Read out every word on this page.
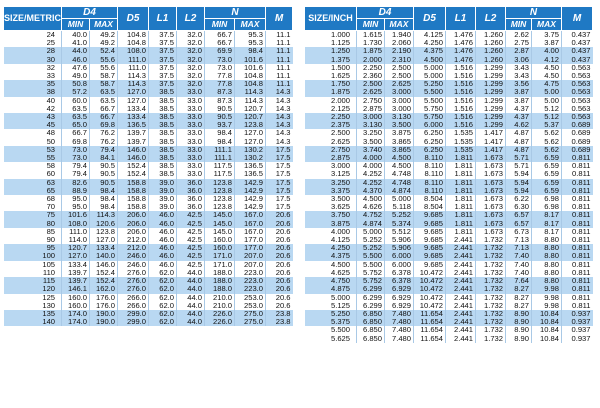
SIZE/METRIC	D4		D5	L1	L2	N		M
	MIN	MAX				MIN	MAX	
24	40.0	49.2	104.8	37.5	32.0	66.7	95.3	11.1
25	41.0	49.2	104.8	37.5	32.0	66.7	95.3	11.1
28	44.0	52.4	108.0	37.5	32.0	69.9	98.4	11.1
30	46.0	55.6	111.0	37.5	32.0	73.0	101.6	11.1
32	47.6	55.6	111.0	37.5	32.0	73.0	101.6	11.1
33	49.0	58.7	114.3	37.5	32.0	77.8	104.8	11.1
35	50.8	58.7	114.3	37.5	32.0	77.8	104.8	11.1
38	57.2	63.5	127.0	38.5	33.0	87.3	114.3	14.3
40	60.0	63.5	127.0	38.5	33.0	87.3	114.3	14.3
42	63.5	66.7	133.4	38.5	33.0	90.5	120.7	14.3
43	63.5	66.7	133.4	38.5	33.0	90.5	120.7	14.3
45	65.0	69.8	136.5	38.5	33.0	93.7	123.8	14.3
48	66.7	76.2	139.7	38.5	33.0	98.4	127.0	14.3
50	69.8	76.2	139.7	38.5	33.0	98.4	127.0	14.3
53	73.0	79.4	146.0	38.5	33.0	111.1	130.2	17.5
55	73.0	84.1	146.0	38.5	33.0	111.1	130.2	17.5
58	79.4	90.5	152.4	38.5	33.0	117.5	136.5	17.5
60	79.4	90.5	152.4	38.5	33.0	117.5	136.5	17.5
63	82.6	90.5	158.8	39.0	36.0	123.8	142.9	17.5
65	88.9	98.4	158.8	39.0	36.0	123.8	142.9	17.5
68	95.0	98.4	158.8	39.0	36.0	123.8	142.9	17.5
70	95.0	98.4	158.8	39.0	36.0	123.8	142.9	17.5
75	101.6	114.3	206.0	46.0	42.5	145.0	167.0	20.6
80	108.0	120.6	206.0	46.0	42.5	145.0	167.0	20.6
85	111.0	123.8	206.0	46.0	42.5	145.0	167.0	20.6
90	114.0	127.0	212.0	46.0	42.5	160.0	177.0	20.6
95	120.7	133.4	212.0	46.0	42.5	160.0	177.0	20.6
100	127.0	140.0	246.0	46.0	42.5	171.0	207.0	20.6
105	133.4	146.0	246.0	46.0	42.5	171.0	207.0	20.6
110	139.7	152.4	276.0	62.0	44.0	188.0	223.0	20.6
115	139.7	152.4	276.0	62.0	44.0	188.0	223.0	20.6
120	146.1	162.0	276.0	62.0	44.0	188.0	223.0	20.6
125	160.0	176.0	266.0	62.0	44.0	210.0	253.0	20.6
130	160.0	176.0	266.0	62.0	44.0	210.0	253.0	20.6
135	174.0	190.0	299.0	62.0	44.0	226.0	275.0	23.8
140	174.0	190.0	299.0	62.0	44.0	226.0	275.0	23.8
SIZE/INCH	D4		D5	L1	L2	N		M
	MIN	MAX				MIN	MAX	
1.000	1.615	1.940	4.125	1.476	1.260	2.62	3.75	0.437
1.125	1.730	2.060	4.250	1.476	1.260	2.75	3.87	0.437
1.250	1.875	2.190	4.375	1.476	1.260	2.87	4.00	0.437
1.375	2.000	2.310	4.500	1.476	1.260	3.06	4.12	0.437
1.500	2.250	2.500	5.000	1.516	1.299	3.43	4.50	0.563
1.625	2.360	2.500	5.000	1.516	1.299	3.43	4.50	0.563
1.750	2.500	2.625	5.250	1.516	1.299	3.56	4.75	0.563
1.875	2.625	3.000	5.500	1.516	1.299	3.87	5.00	0.563
2.000	2.750	3.000	5.500	1.516	1.299	3.87	5.00	0.563
2.125	2.875	3.000	5.750	1.516	1.299	4.37	5.12	0.563
2.250	3.000	3.130	5.750	1.516	1.299	4.37	5.12	0.563
2.375	3.130	3.500	6.000	1.516	1.299	4.62	5.37	0.689
2.500	3.250	3.875	6.250	1.535	1.417	4.87	5.62	0.689
2.625	3.500	3.865	6.250	1.535	1.417	4.87	5.62	0.689
2.750	3.740	3.865	6.250	1.535	1.417	4.87	5.62	0.689
2.875	4.000	4.500	8.110	1.811	1.673	5.71	6.59	0.811
3.000	4.000	4.500	8.110	1.811	1.673	5.71	6.59	0.811
3.125	4.252	4.748	8.110	1.811	1.673	5.94	6.59	0.811
3.250	4.252	4.748	8.110	1.811	1.673	5.94	6.59	0.811
3.375	4.370	4.874	8.110	1.811	1.673	5.94	6.59	0.811
3.500	4.500	5.000	8.504	1.811	1.673	6.22	6.98	0.811
3.625	4.626	5.118	8.504	1.811	1.673	6.30	6.98	0.811
3.750	4.752	5.252	9.685	1.811	1.673	6.57	8.17	0.811
3.875	4.874	5.374	9.685	1.811	1.673	6.57	8.17	0.811
4.000	5.000	5.512	9.685	1.811	1.673	6.73	8.17	0.811
4.125	5.252	5.906	9.685	2.441	1.732	7.13	8.80	0.811
4.250	5.252	5.906	9.685	2.441	1.732	7.13	8.80	0.811
4.375	5.500	6.000	9.685	2.441	1.732	7.40	8.80	0.811
4.500	5.500	6.000	9.685	2.441	1.732	7.40	8.80	0.811
4.625	5.752	6.378	10.472	2.441	1.732	7.40	8.80	0.811
4.750	5.752	6.378	10.472	2.441	1.732	7.64	8.80	0.811
4.875	6.299	6.929	10.472	2.441	1.732	8.27	9.98	0.811
5.000	6.299	6.929	10.472	2.441	1.732	8.27	9.98	0.811
5.125	6.299	6.929	10.472	2.441	1.732	8.27	9.98	0.811
5.250	6.850	7.480	11.654	2.441	1.732	8.90	10.84	0.937
5.375	6.850	7.480	11.654	2.441	1.732	8.90	10.84	0.937
5.500	6.850	7.480	11.654	2.441	1.732	8.90	10.84	0.937
5.625	6.850	7.480	11.654	2.441	1.732	8.90	10.84	0.937
